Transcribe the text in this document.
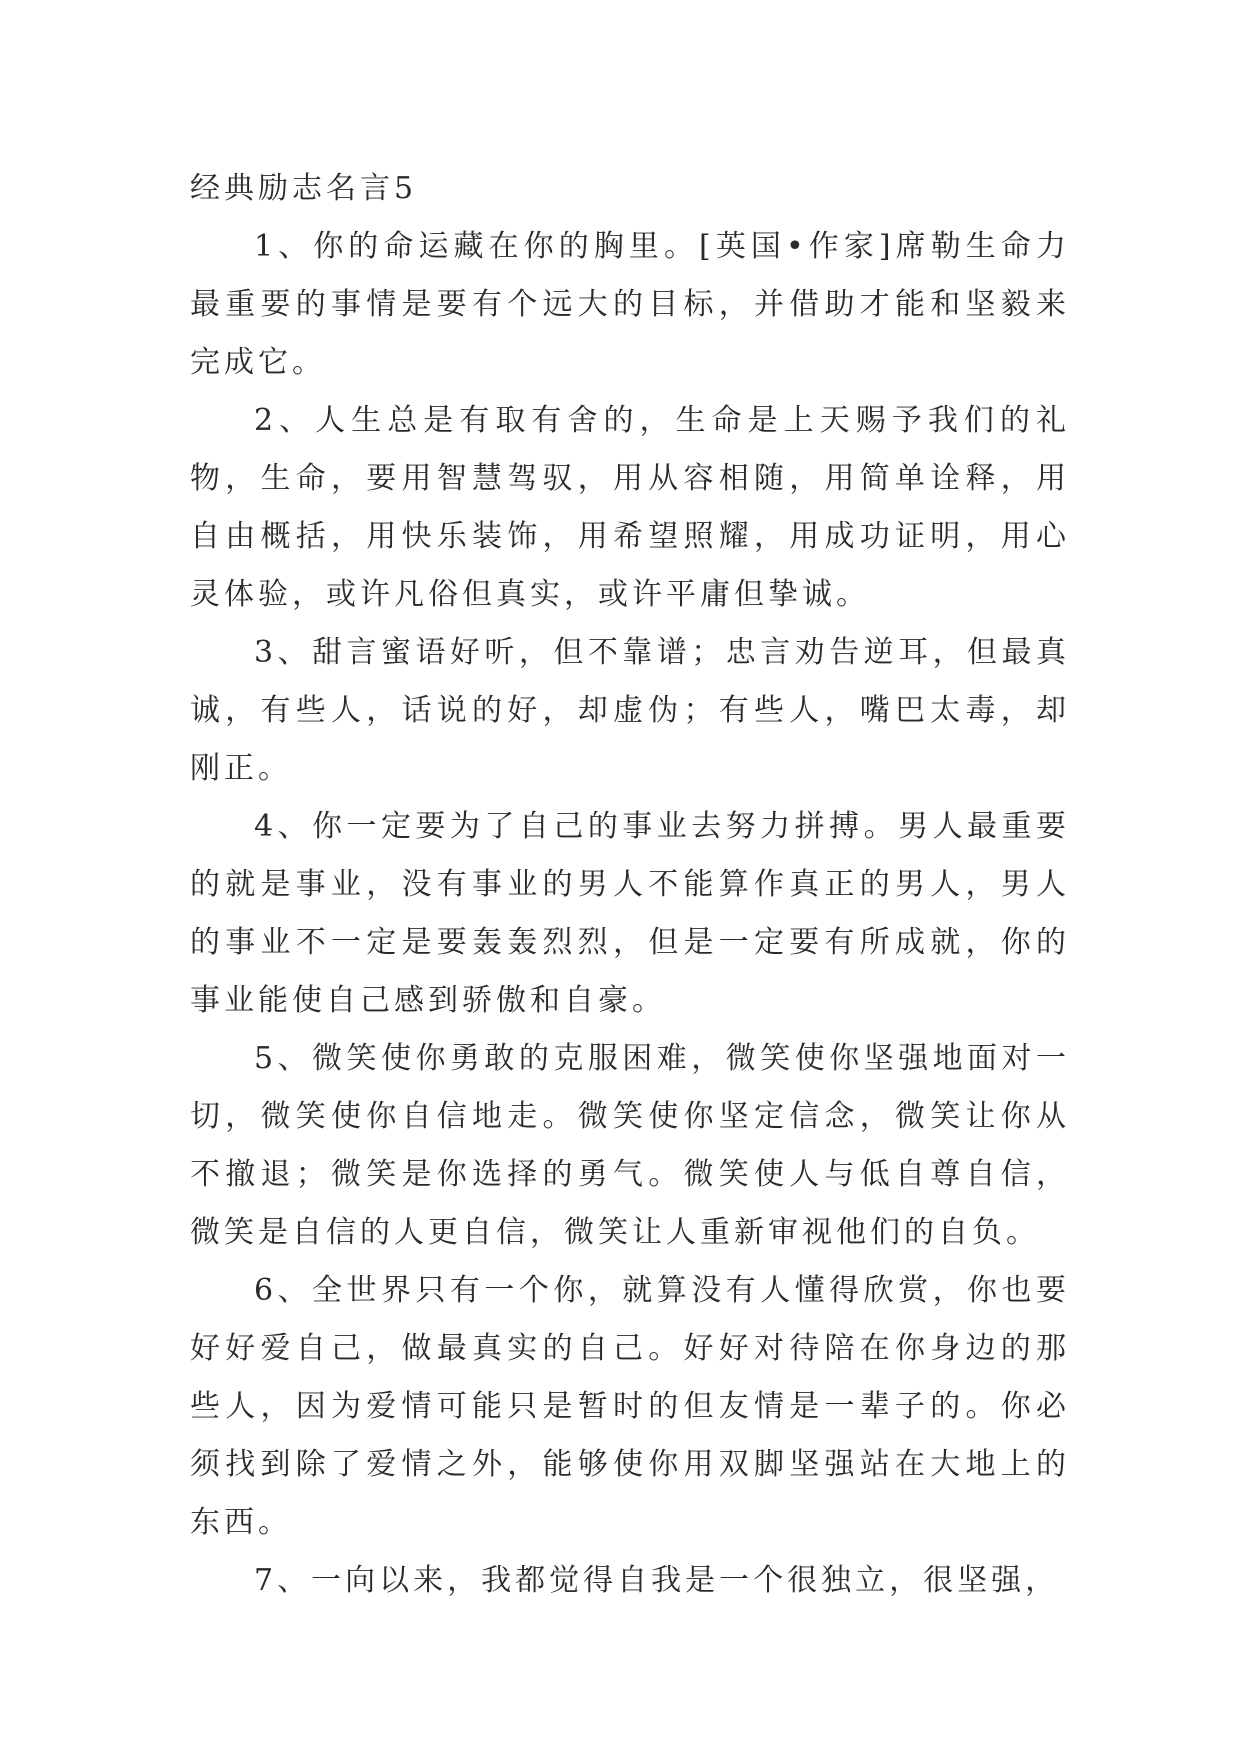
经典励志名言5

1、你的命运藏在你的胸里。[英国•作家]席勒生命力最重要的事情是要有个远大的目标，并借助才能和坚毅来完成它。

2、人生总是有取有舍的，生命是上天赐予我们的礼物，生命，要用智慧驾驭，用从容相随，用简单诠释，用自由概括，用快乐装饰，用希望照耀，用成功证明，用心灵体验，或许凡俗但真实，或许平庸但挚诚。

3、甜言蜜语好听，但不靠谱；忠言劝告逆耳，但最真诚，有些人，话说的好，却虚伪；有些人，嘴巴太毒，却刚正。

4、你一定要为了自己的事业去努力拼搏。男人最重要的就是事业，没有事业的男人不能算作真正的男人，男人的事业不一定是要轰轰烈烈，但是一定要有所成就，你的事业能使自己感到骄傲和自豪。

5、微笑使你勇敢的克服困难，微笑使你坚强地面对一切，微笑使你自信地走。微笑使你坚定信念，微笑让你从不撤退；微笑是你选择的勇气。微笑使人与低自尊自信，微笑是自信的人更自信，微笑让人重新审视他们的自负。

6、全世界只有一个你，就算没有人懂得欣赏，你也要好好爱自己，做最真实的自己。好好对待陪在你身边的那些人，因为爱情可能只是暂时的但友情是一辈子的。你必须找到除了爱情之外，能够使你用双脚坚强站在大地上的东西。

7、一向以来，我都觉得自我是一个很独立，很坚强，
